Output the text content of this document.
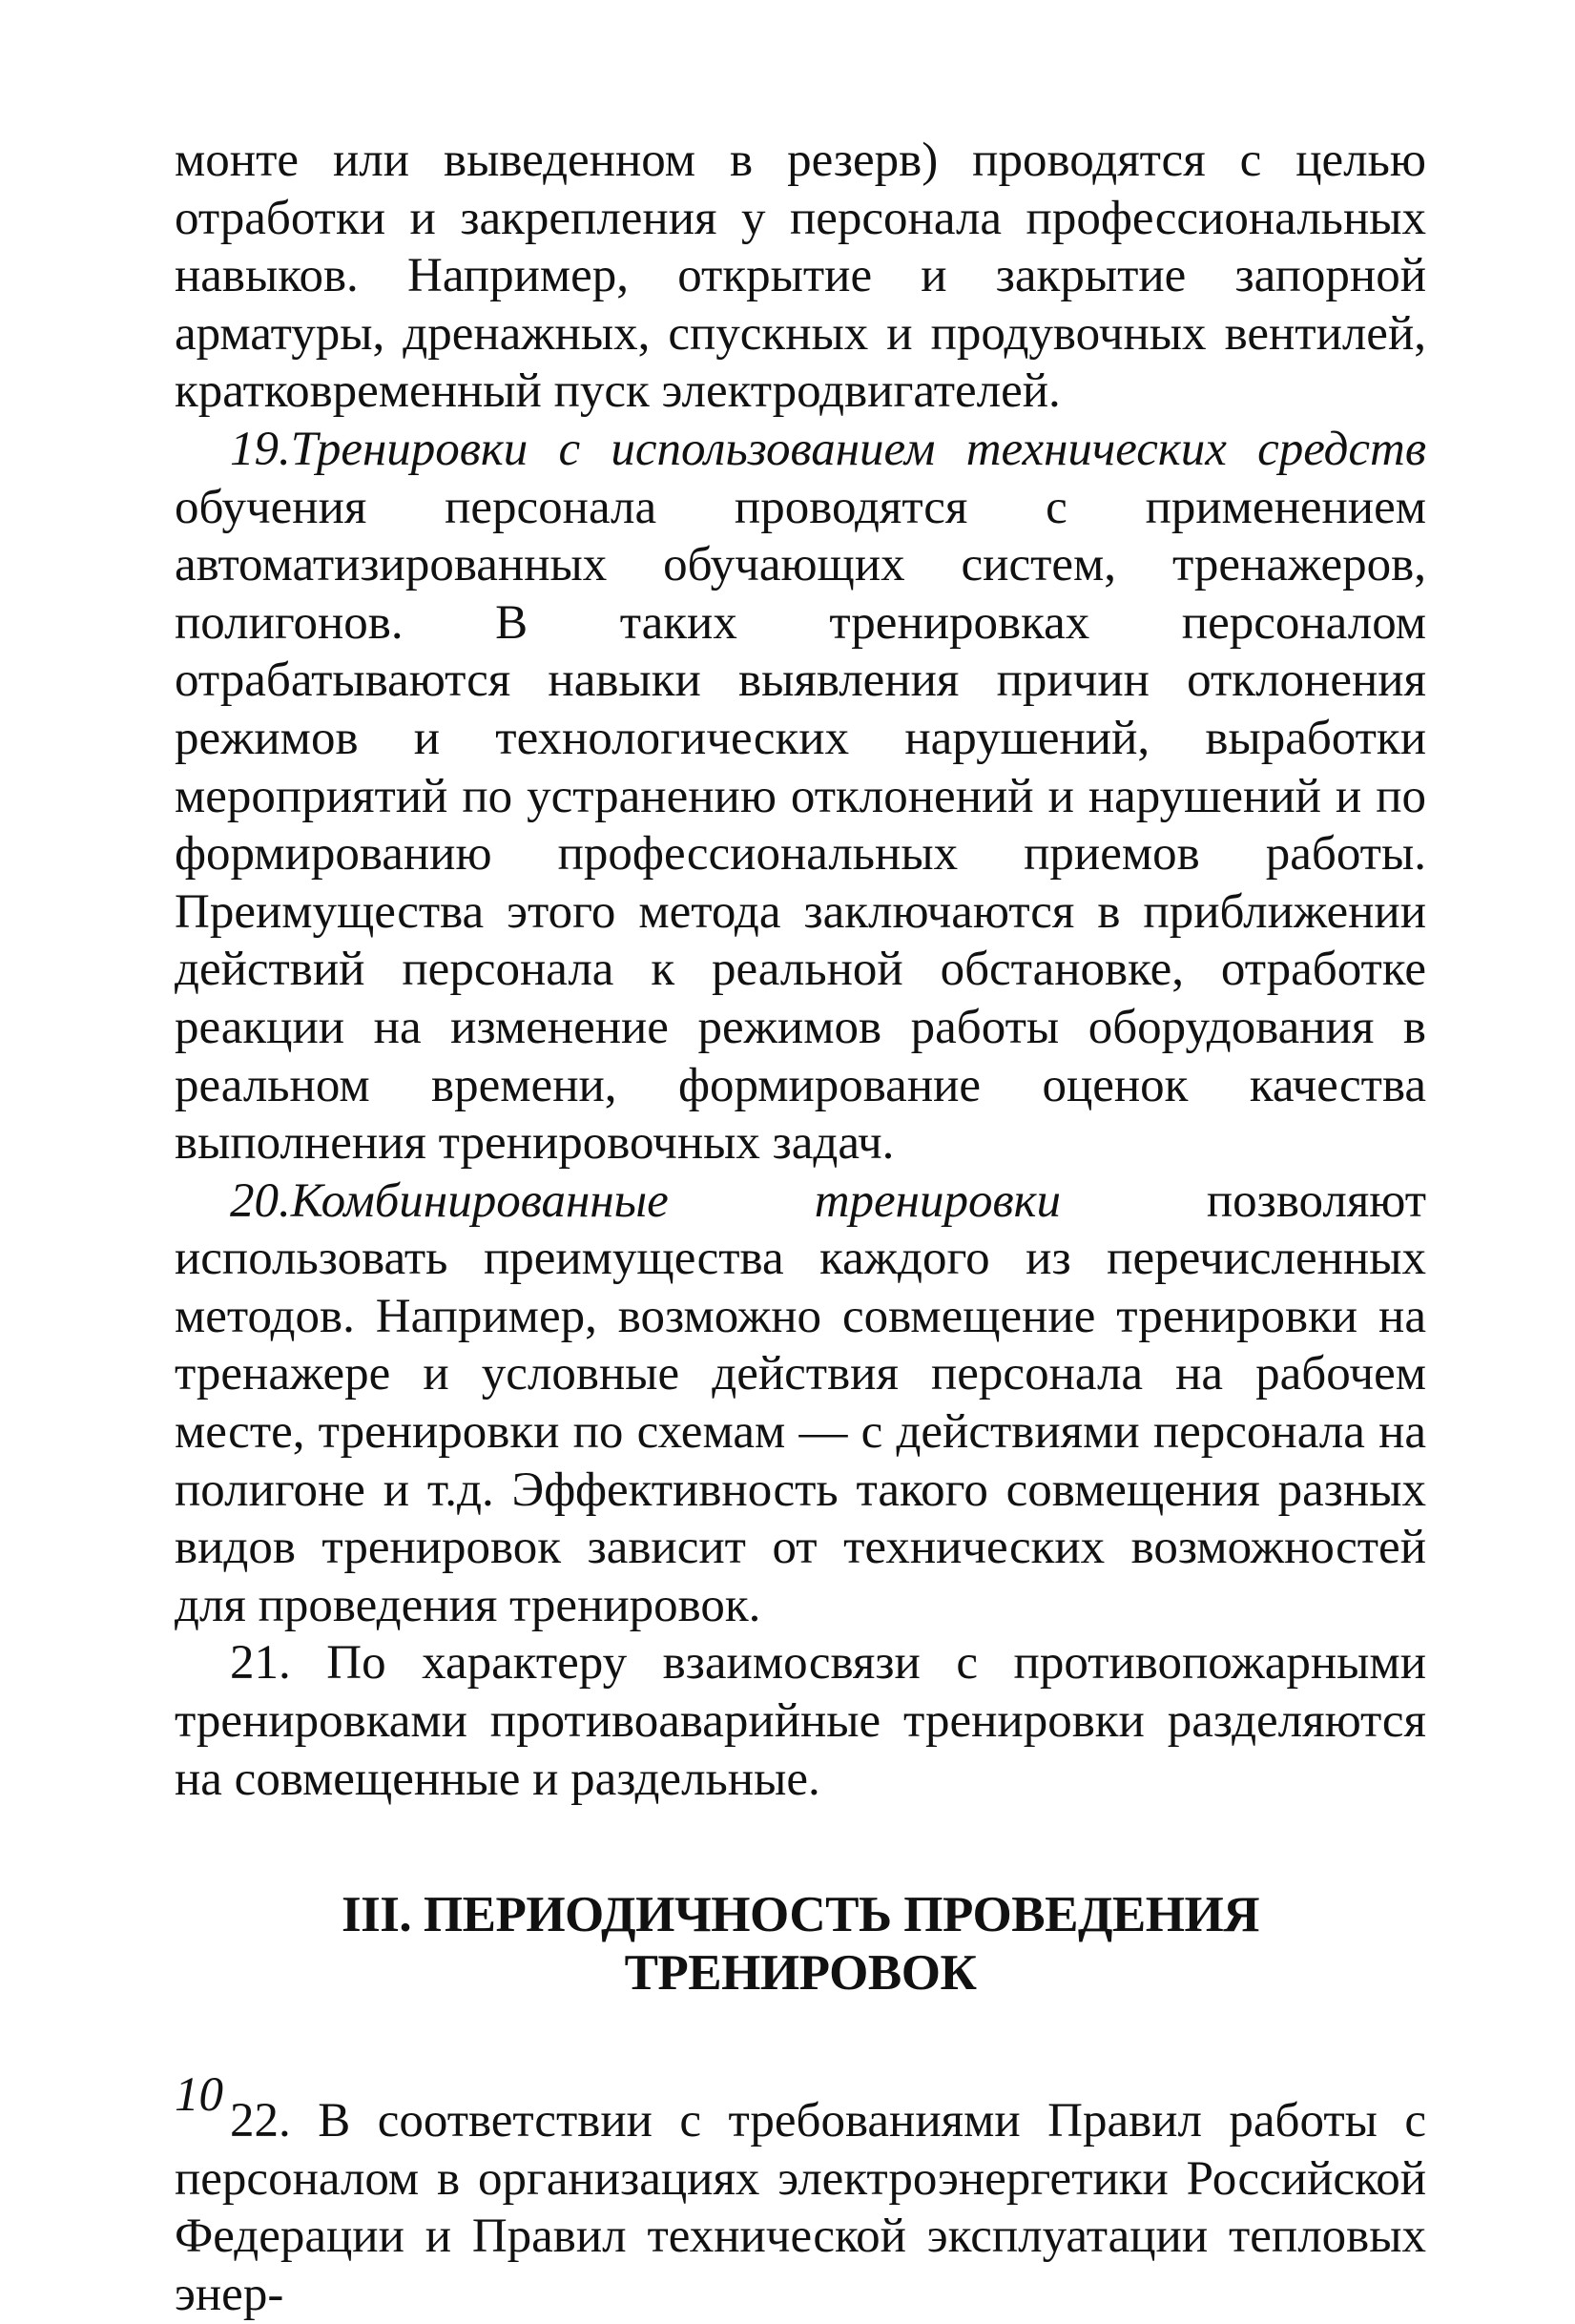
монте или выведенном в резерв) проводятся с целью отработки и закрепления у персонала профессиональных навыков. Например, открытие и закрытие запорной арматуры, дренажных, спускных и продувочных вентилей, кратковременный пуск электродвигателей.

19.Тренировки с использованием технических средств обучения персонала проводятся с применением автоматизированных обучающих систем, тренажеров, полигонов. В таких тренировках персоналом отрабатываются навыки выявления причин отклонения режимов и технологических нарушений, выработки мероприятий по устранению отклонений и нарушений и по формированию профессиональных приемов работы. Преимущества этого метода заключаются в приближении действий персонала к реальной обстановке, отработке реакции на изменение режимов работы оборудования в реальном времени, формирование оценок качества выполнения тренировочных задач.

20.Комбинированные тренировки позволяют использовать преимущества каждого из перечисленных методов. Например, возможно совмещение тренировки на тренажере и условные действия персонала на рабочем месте, тренировки по схемам — с действиями персонала на полигоне и т.д. Эффективность такого совмещения разных видов тренировок зависит от технических возможностей для проведения тренировок.

21. По характеру взаимосвязи с противопожарными тренировками противоаварийные тренировки разделяются на совмещенные и раздельные.

III. ПЕРИОДИЧНОСТЬ ПРОВЕДЕНИЯ
ТРЕНИРОВОК

22. В соответствии с требованиями Правил работы с персоналом в организациях электроэнергетики Российской Федерации и Правил технической эксплуатации тепловых энер-

10
